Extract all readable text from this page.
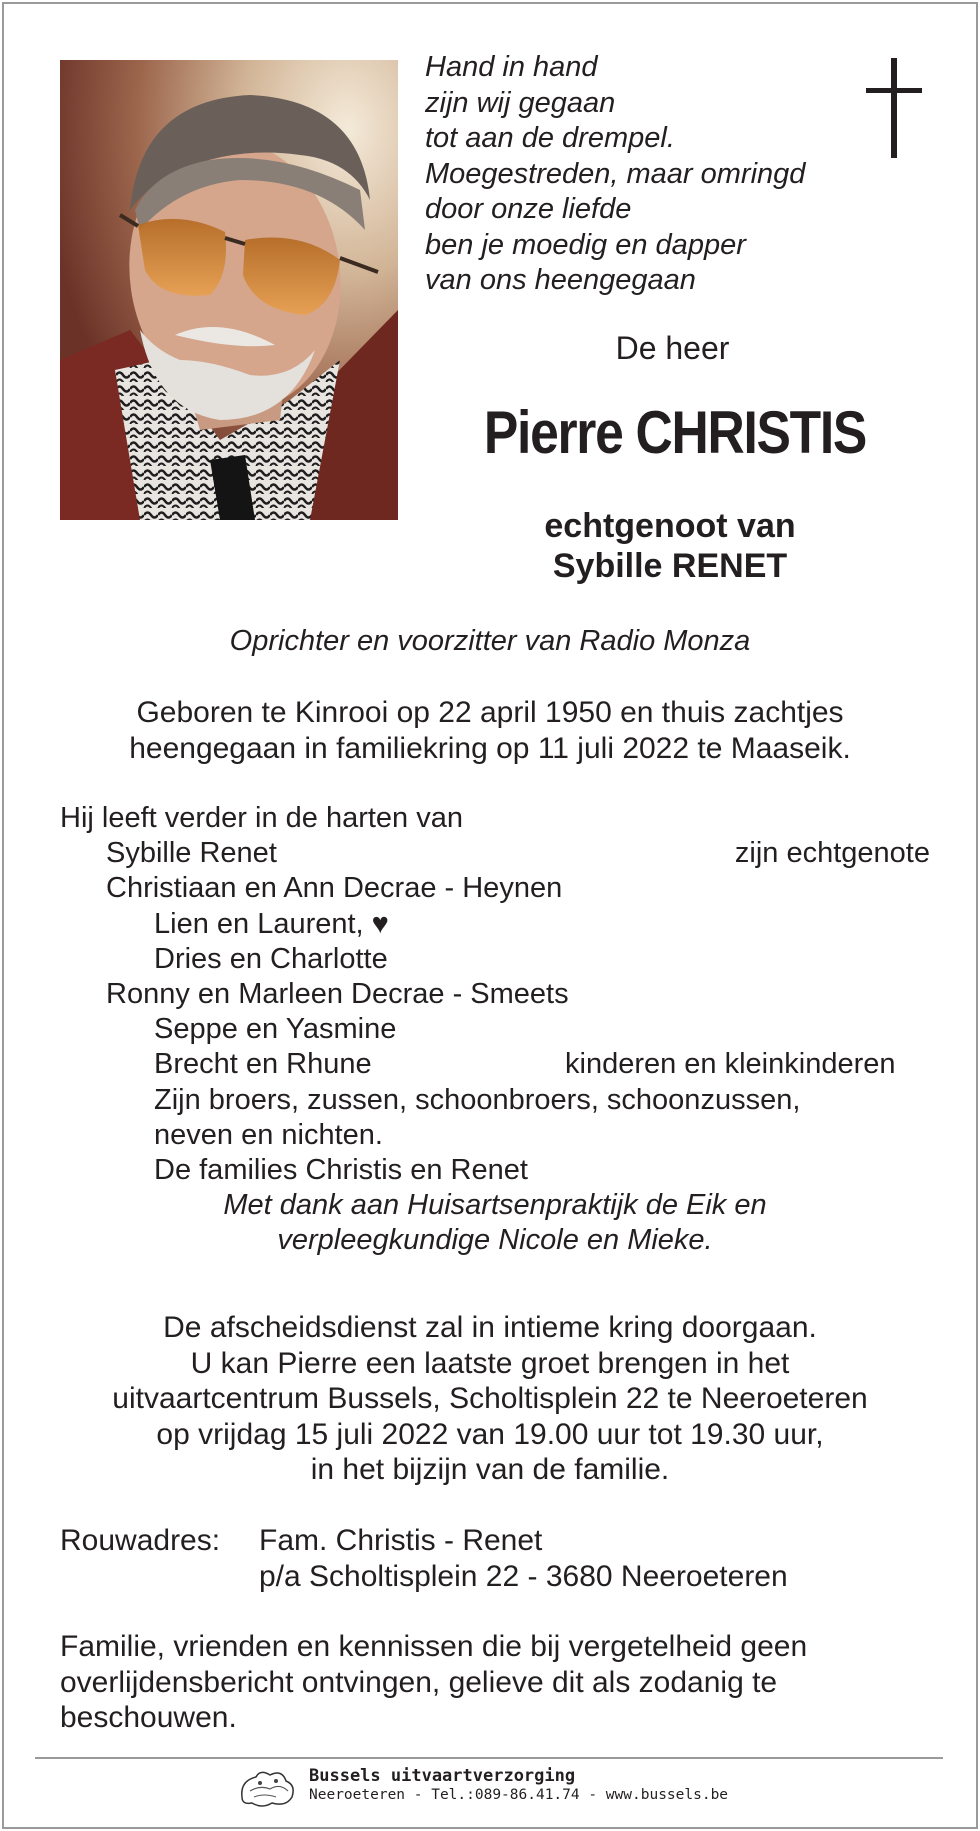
Hand in hand
zijn wij gegaan
tot aan de drempel.
Moegestreden, maar omringd
door onze liefde
ben je moedig en dapper
van ons heengegaan
De heer
Pierre CHRISTIS
echtgenoot van
Sybille RENET
Oprichter en voorzitter van Radio Monza
Geboren te Kinrooi op 22 april 1950 en thuis zachtjes
heengegaan in familiekring op 11 juli 2022 te Maaseik.
Hij leeft verder in de harten van
Sybille Renet	zijn echtgenote
Christiaan en Ann Decrae - Heynen
Lien en Laurent, ♥
Dries en Charlotte
Ronny en Marleen Decrae - Smeets
Seppe en Yasmine
Brecht en Rhune	kinderen en kleinkinderen
Zijn broers, zussen, schoonbroers, schoonzussen,
neven en nichten.
De families Christis en Renet
Met dank aan Huisartsenpraktijk de Eik en
verpleegkundige Nicole en Mieke.
De afscheidsdienst zal in intieme kring doorgaan.
U kan Pierre een laatste groet brengen in het
uitvaartcentrum Bussels, Scholtisplein 22 te Neeroeteren
op vrijdag 15 juli 2022 van 19.00 uur tot 19.30 uur,
in het bijzijn van de familie.
Rouwadres: Fam. Christis - Renet
p/a Scholtisplein 22 - 3680 Neeroeteren
Familie, vrienden en kennissen die bij vergetelheid geen
overlijdensbericht ontvingen, gelieve dit als zodanig te
beschouwen.
Bussels uitvaartverzorging
Neeroeteren - Tel.:089-86.41.74 - www.bussels.be
